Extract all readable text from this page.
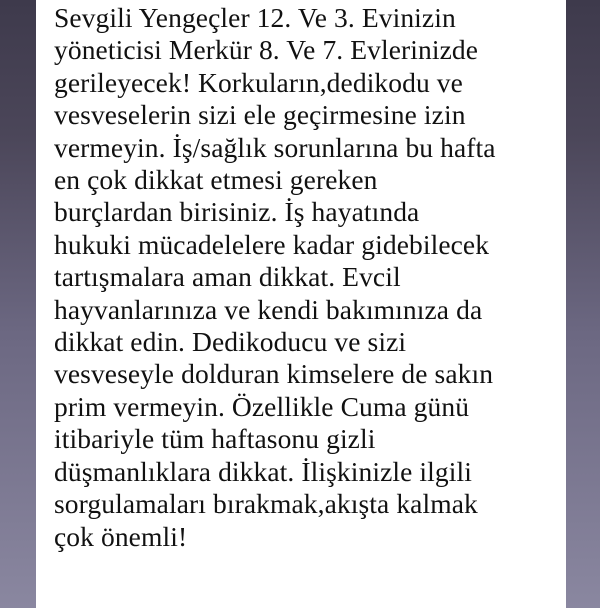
Sevgili Yengeçler 12. Ve 3. Evinizin
yöneticisi Merkür 8. Ve 7. Evlerinizde
gerileyecek! Korkuların,dedikodu ve
vesveselerin sizi ele geçirmesine izin
vermeyin. İş/sağlık sorunlarına bu hafta
en çok dikkat etmesi gereken
burçlardan birisiniz. İş hayatında
hukuki mücadelelere kadar gidebilecek
tartışmalara aman dikkat. Evcil
hayvanlarınıza ve kendi bakımınıza da
dikkat edin. Dedikoducu ve sizi
vesveseyle dolduran kimselere de sakın
prim vermeyin. Özellikle Cuma günü
itibariyle tüm haftasonu gizli
düşmanlıklara dikkat. İlişkinizle ilgili
sorgulamaları bırakmak,akışta kalmak
çok önemli!
